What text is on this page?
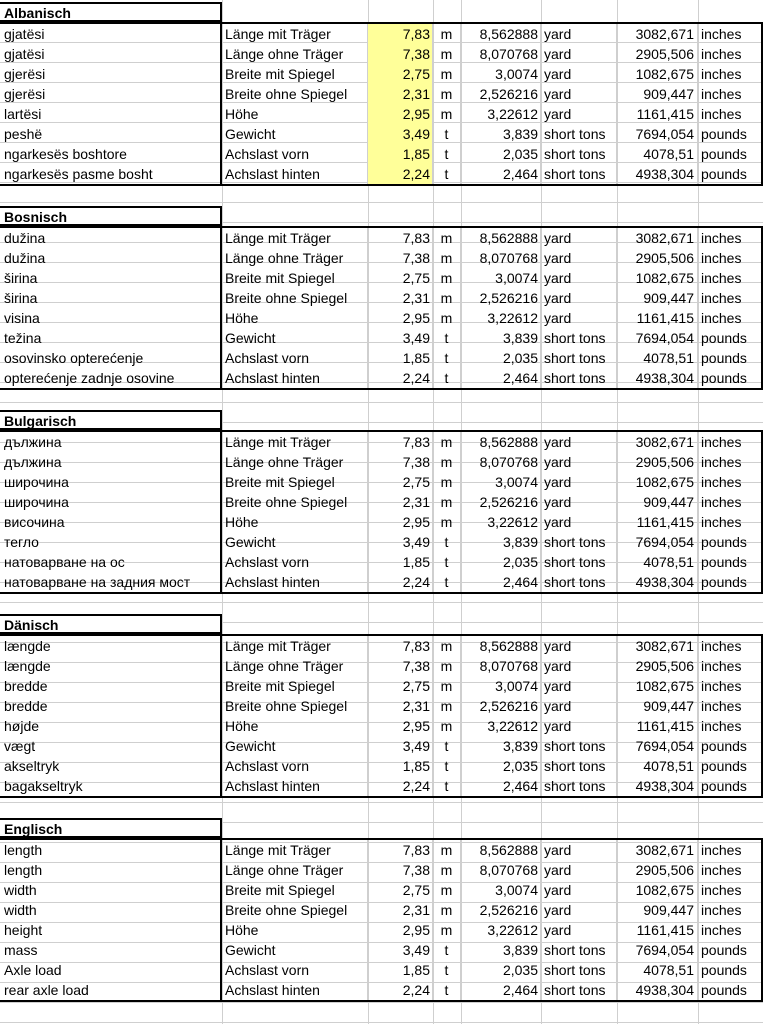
Albanisch
gjatësi	Länge mit Träger	7,83 m	8,562888 yard	3082,671 inches
gjatësi	Länge ohne Träger	7,38 m	8,070768 yard	2905,506 inches
gjerësi	Breite mit Spiegel	2,75 m	3,0074 yard	1082,675 inches
gjerësi	Breite ohne Spiegel	2,31 m	2,526216 yard	909,447 inches
lartësi	Höhe	2,95 m	3,22612 yard	1161,415 inches
peshë	Gewicht	3,49	t	3,839 short tons	7694,054 pounds
ngarkesës boshtore	Achslast vorn	1,85	t	2,035 short tons	4078,51 pounds
ngarkesës pasme bosht	Achslast hinten	2,24	t	2,464 short tons	4938,304 pounds
Bosnisch
dužina	Länge mit Träger	7,83 m	8,562888 yard	3082,671 inches
dužina	Länge ohne Träger	7,38 m	8,070768 yard	2905,506 inches
širina	Breite mit Spiegel	2,75 m	3,0074 yard	1082,675 inches
širina	Breite ohne Spiegel	2,31 m	2,526216 yard	909,447 inches
visina	Höhe	2,95 m	3,22612 yard	1161,415 inches
težina	Gewicht	3,49	t	3,839 short tons	7694,054 pounds
osovinsko opterećenje	Achslast vorn	1,85	t	2,035 short tons	4078,51 pounds
opterećenje zadnje osovine	Achslast hinten	2,24	t	2,464 short tons	4938,304 pounds
Bulgarisch
дължина	Länge mit Träger	7,83 m	8,562888 yard	3082,671 inches
дължина	Länge ohne Träger	7,38 m	8,070768 yard	2905,506 inches
широчина	Breite mit Spiegel	2,75 m	3,0074 yard	1082,675 inches
широчина	Breite ohne Spiegel	2,31 m	2,526216 yard	909,447 inches
височина	Höhe	2,95 m	3,22612 yard	1161,415 inches
тегло	Gewicht	3,49	t	3,839 short tons	7694,054 pounds
натоварване на ос	Achslast vorn	1,85	t	2,035 short tons	4078,51 pounds
натоварване на задния мост	Achslast hinten	2,24	t	2,464 short tons	4938,304 pounds
Dänisch
længde	Länge mit Träger	7,83 m	8,562888 yard	3082,671 inches
længde	Länge ohne Träger	7,38 m	8,070768 yard	2905,506 inches
bredde	Breite mit Spiegel	2,75 m	3,0074 yard	1082,675 inches
bredde	Breite ohne Spiegel	2,31 m	2,526216 yard	909,447 inches
højde	Höhe	2,95 m	3,22612 yard	1161,415 inches
vægt	Gewicht	3,49	t	3,839 short tons	7694,054 pounds
akseltryk	Achslast vorn	1,85	t	2,035 short tons	4078,51 pounds
bagakseltryk	Achslast hinten	2,24	t	2,464 short tons	4938,304 pounds
Englisch
length	Länge mit Träger	7,83 m	8,562888 yard	3082,671 inches
length	Länge ohne Träger	7,38 m	8,070768 yard	2905,506 inches
width	Breite mit Spiegel	2,75 m	3,0074 yard	1082,675 inches
width	Breite ohne Spiegel	2,31 m	2,526216 yard	909,447 inches
height	Höhe	2,95 m	3,22612 yard	1161,415 inches
mass	Gewicht	3,49	t	3,839 short tons	7694,054 pounds
Axle load	Achslast vorn	1,85	t	2,035 short tons	4078,51 pounds
rear axle load	Achslast hinten	2,24	t	2,464 short tons	4938,304 pounds
